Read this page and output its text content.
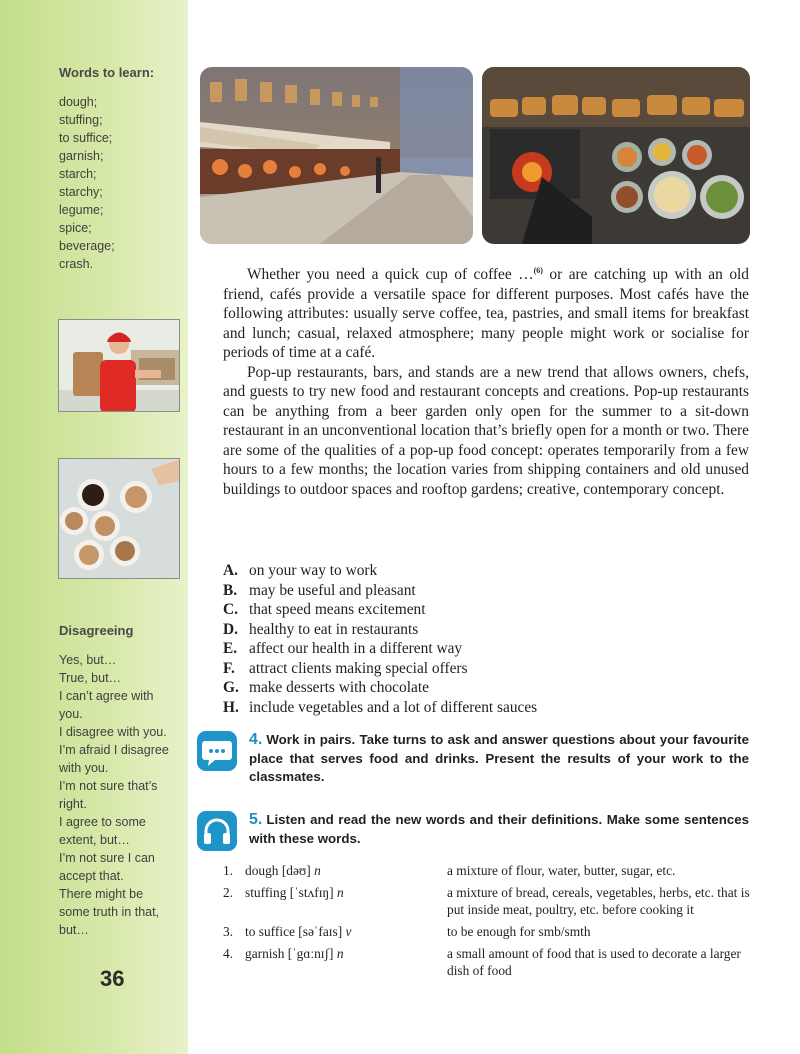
Words to learn:
dough;
stuffing;
to suffice;
garnish;
starch;
starchy;
legume;
spice;
beverage;
crash.
Disagreeing
Yes, but…
True, but…
I can’t agree with
you.
I disagree with you.
I’m afraid I disagree
with you.
I’m not sure that’s
right.
I agree to some
extent, but…
I’m not sure I can
accept that.
There might be
some truth in that,
but…
36

Whether you need a quick cup of coffee …$^{(6)}$ or are catching up with an old friend, cafés provide a versatile space for different purposes. Most cafés have the following attributes: usually serve coffee, tea, pastries, and small items for breakfast and lunch; casual, relaxed atmosphere; many people might work or socialise for periods of time at a café.

Pop-up restaurants, bars, and stands are a new trend that allows owners, chefs, and guests to try new food and restaurant concepts and creations. Pop-up restaurants can be anything from a beer garden only open for the summer to a sit-down restaurant in an unconventional location that’s briefly open for a month or two. There are some of the qualities of a pop-up food concept: operates temporarily from a few hours to a few months; the location varies from shipping containers and old unused buildings to outdoor spaces and rooftop gardens; creative, contemporary concept.

A. on your way to work
B. may be useful and pleasant
C. that speed means excitement
D. healthy to eat in restaurants
E. affect our health in a different way
F. attract clients making special offers
G. make desserts with chocolate
H. include vegetables and a lot of different sauces
4. Work in pairs. Take turns to ask and answer questions about your favourite place that serves food and drinks. Present the results of your work to the classmates.
5. Listen and read the new words and their definitions. Make some sentences with these words.
1. dough [dəʊ] n	a mixture of flour, water, butter, sugar, etc.
2. stuffing [ˈstʌfɪŋ] n	a mixture of bread, cereals, vegetables, herbs, etc. that is put inside meat, poultry, etc. before cooking it
3. to suffice [səˈfaɪs] v	to be enough for smb/smth
4. garnish [ˈgɑːnɪʃ] n	a small amount of food that is used to decorate a larger dish of food
